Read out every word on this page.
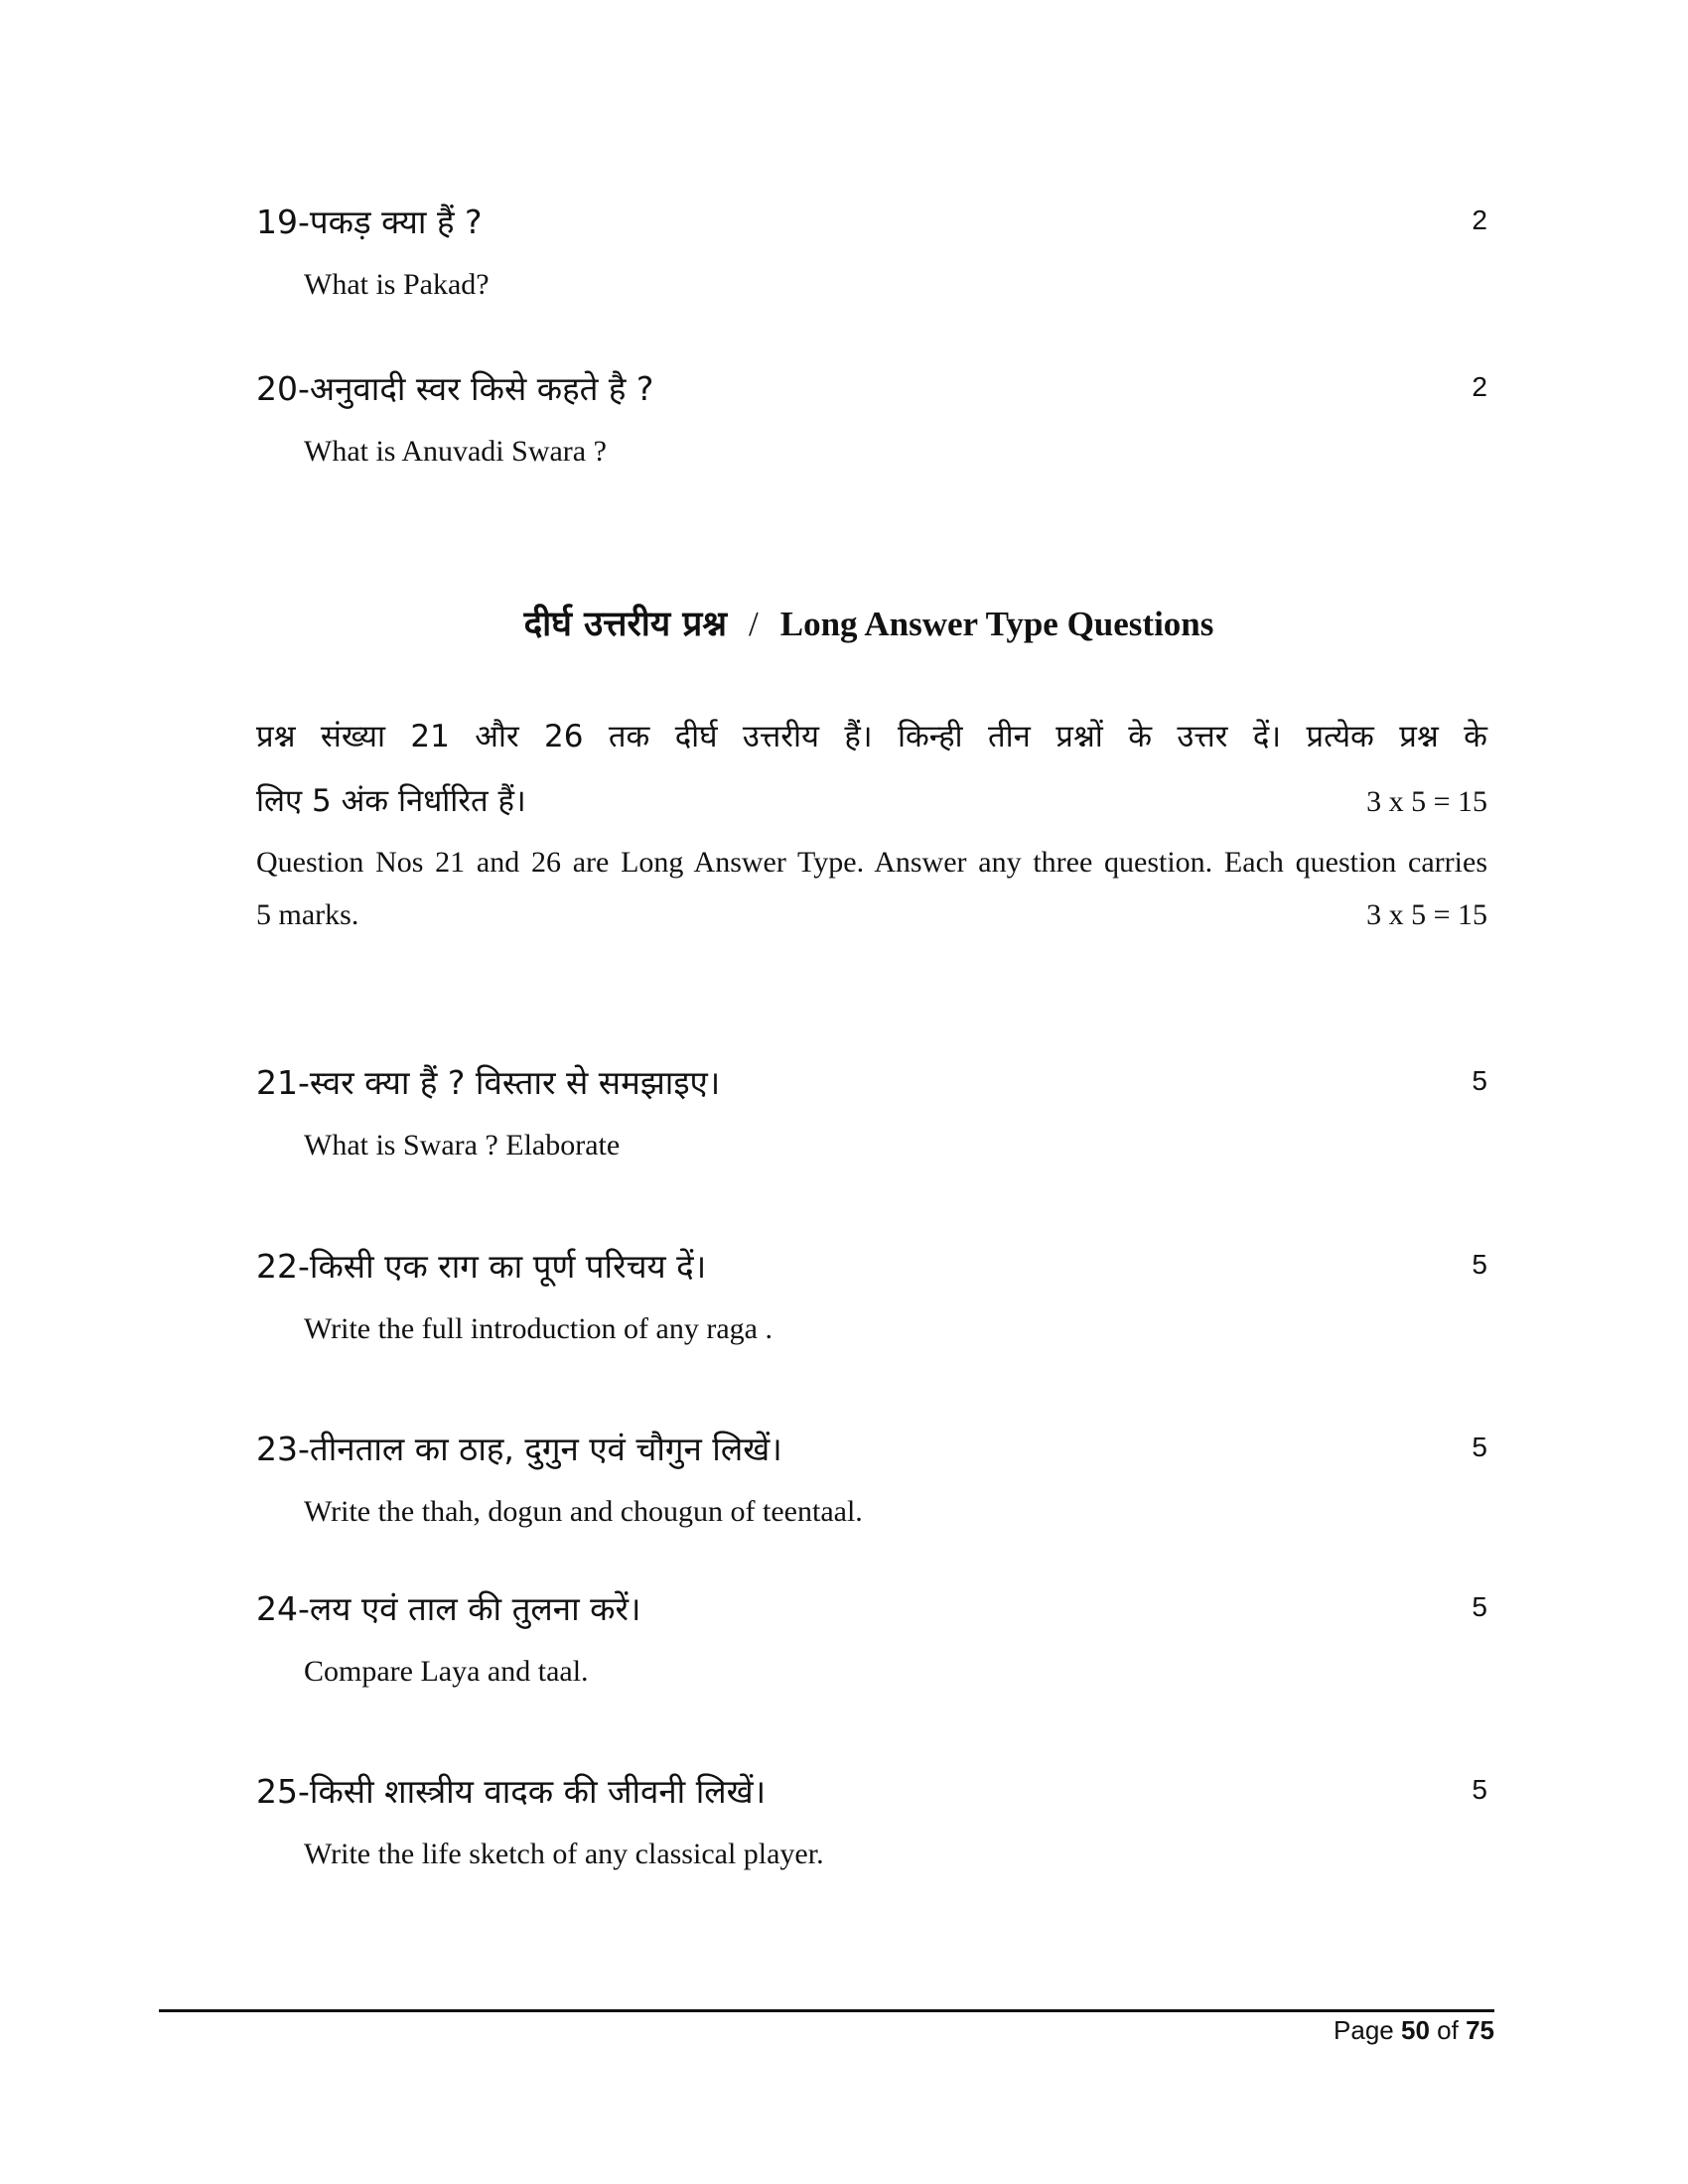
19-पकड़ क्या हैं ?	2
What is Pakad?
20-अनुवादी स्वर किसे कहते है ?	2
What is Anuvadi Swara ?
दीर्घ उत्तरीय प्रश्न / Long Answer Type Questions
प्रश्न संख्या 21 और 26 तक दीर्घ उत्तरीय हैं। किन्ही तीन प्रश्नों के उत्तर दें। प्रत्येक प्रश्न के
लिए 5 अंक निर्धारित हैं।	3 x 5 = 15
Question Nos 21 and 26 are Long Answer Type. Answer any three question. Each question carries
5 marks.	3 x 5 = 15
21-स्वर क्या हैं ? विस्तार से समझाइए।	5
What is Swara ? Elaborate
22-किसी एक राग का पूर्ण परिचय दें।	5
Write the full introduction of any raga .
23-तीनताल का ठाह, दुगुन एवं चौगुन लिखें।	5
Write the thah, dogun and chougun of teentaal.
24-लय एवं ताल की तुलना करें।	5
Compare Laya and taal.
25-किसी शास्त्रीय वादक की जीवनी लिखें।	5
Write the life sketch of any classical player.
Page 50 of 75
